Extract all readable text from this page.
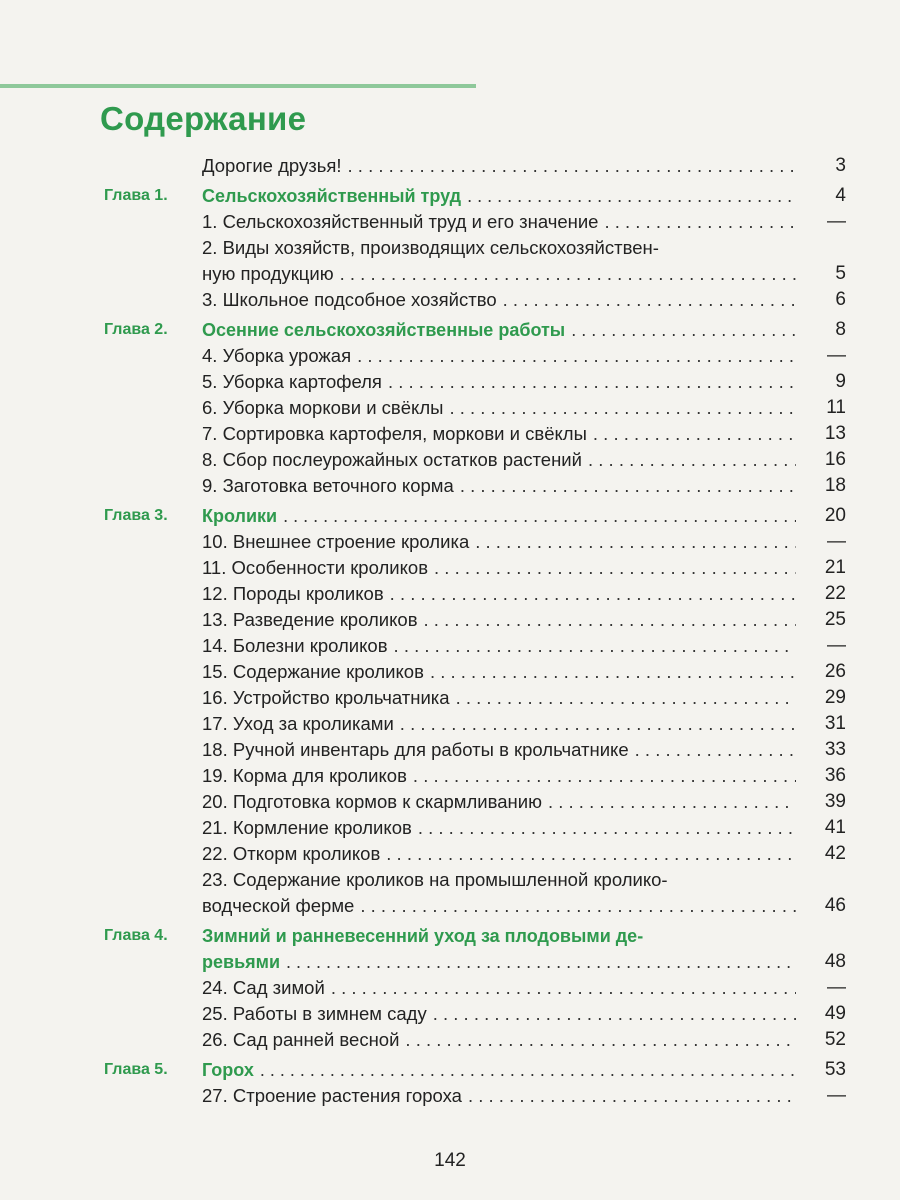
Содержание
Дорогие друзья! . . .	3
Глава 1. Сельскохозяйственный труд . . .	4
1. Сельскохозяйственный труд и его значение . . .	—
2. Виды хозяйств, производящих сельскохозяйствен-
ную продукцию . . .	5
3. Школьное подсобное хозяйство . . .	6
Глава 2. Осенние сельскохозяйственные работы . . .	8
4. Уборка урожая . . .	—
5. Уборка картофеля . . .	9
6. Уборка моркови и свёклы . . .	11
7. Сортировка картофеля, моркови и свёклы . . .	13
8. Сбор послеурожайных остатков растений . . .	16
9. Заготовка веточного корма . . .	18
Глава 3. Кролики . . .	20
10. Внешнее строение кролика . . .	—
11. Особенности кроликов . . .	21
12. Породы кроликов . . .	22
13. Разведение кроликов . . .	25
14. Болезни кроликов . . .	—
15. Содержание кроликов . . .	26
16. Устройство крольчатника . . .	29
17. Уход за кроликами . . .	31
18. Ручной инвентарь для работы в крольчатнике . . .	33
19. Корма для кроликов . . .	36
20. Подготовка кормов к скармливанию . . .	39
21. Кормление кроликов . . .	41
22. Откорм кроликов . . .	42
23. Содержание кроликов на промышленной кролико-
водческой ферме . . .	46
Глава 4. Зимний и ранневесенний уход за плодовыми де-
ревьями . . .	48
24. Сад зимой . . .	—
25. Работы в зимнем саду . . .	49
26. Сад ранней весной . . .	52
Глава 5. Горох . . .	53
27. Строение растения гороха . . .	—
142
